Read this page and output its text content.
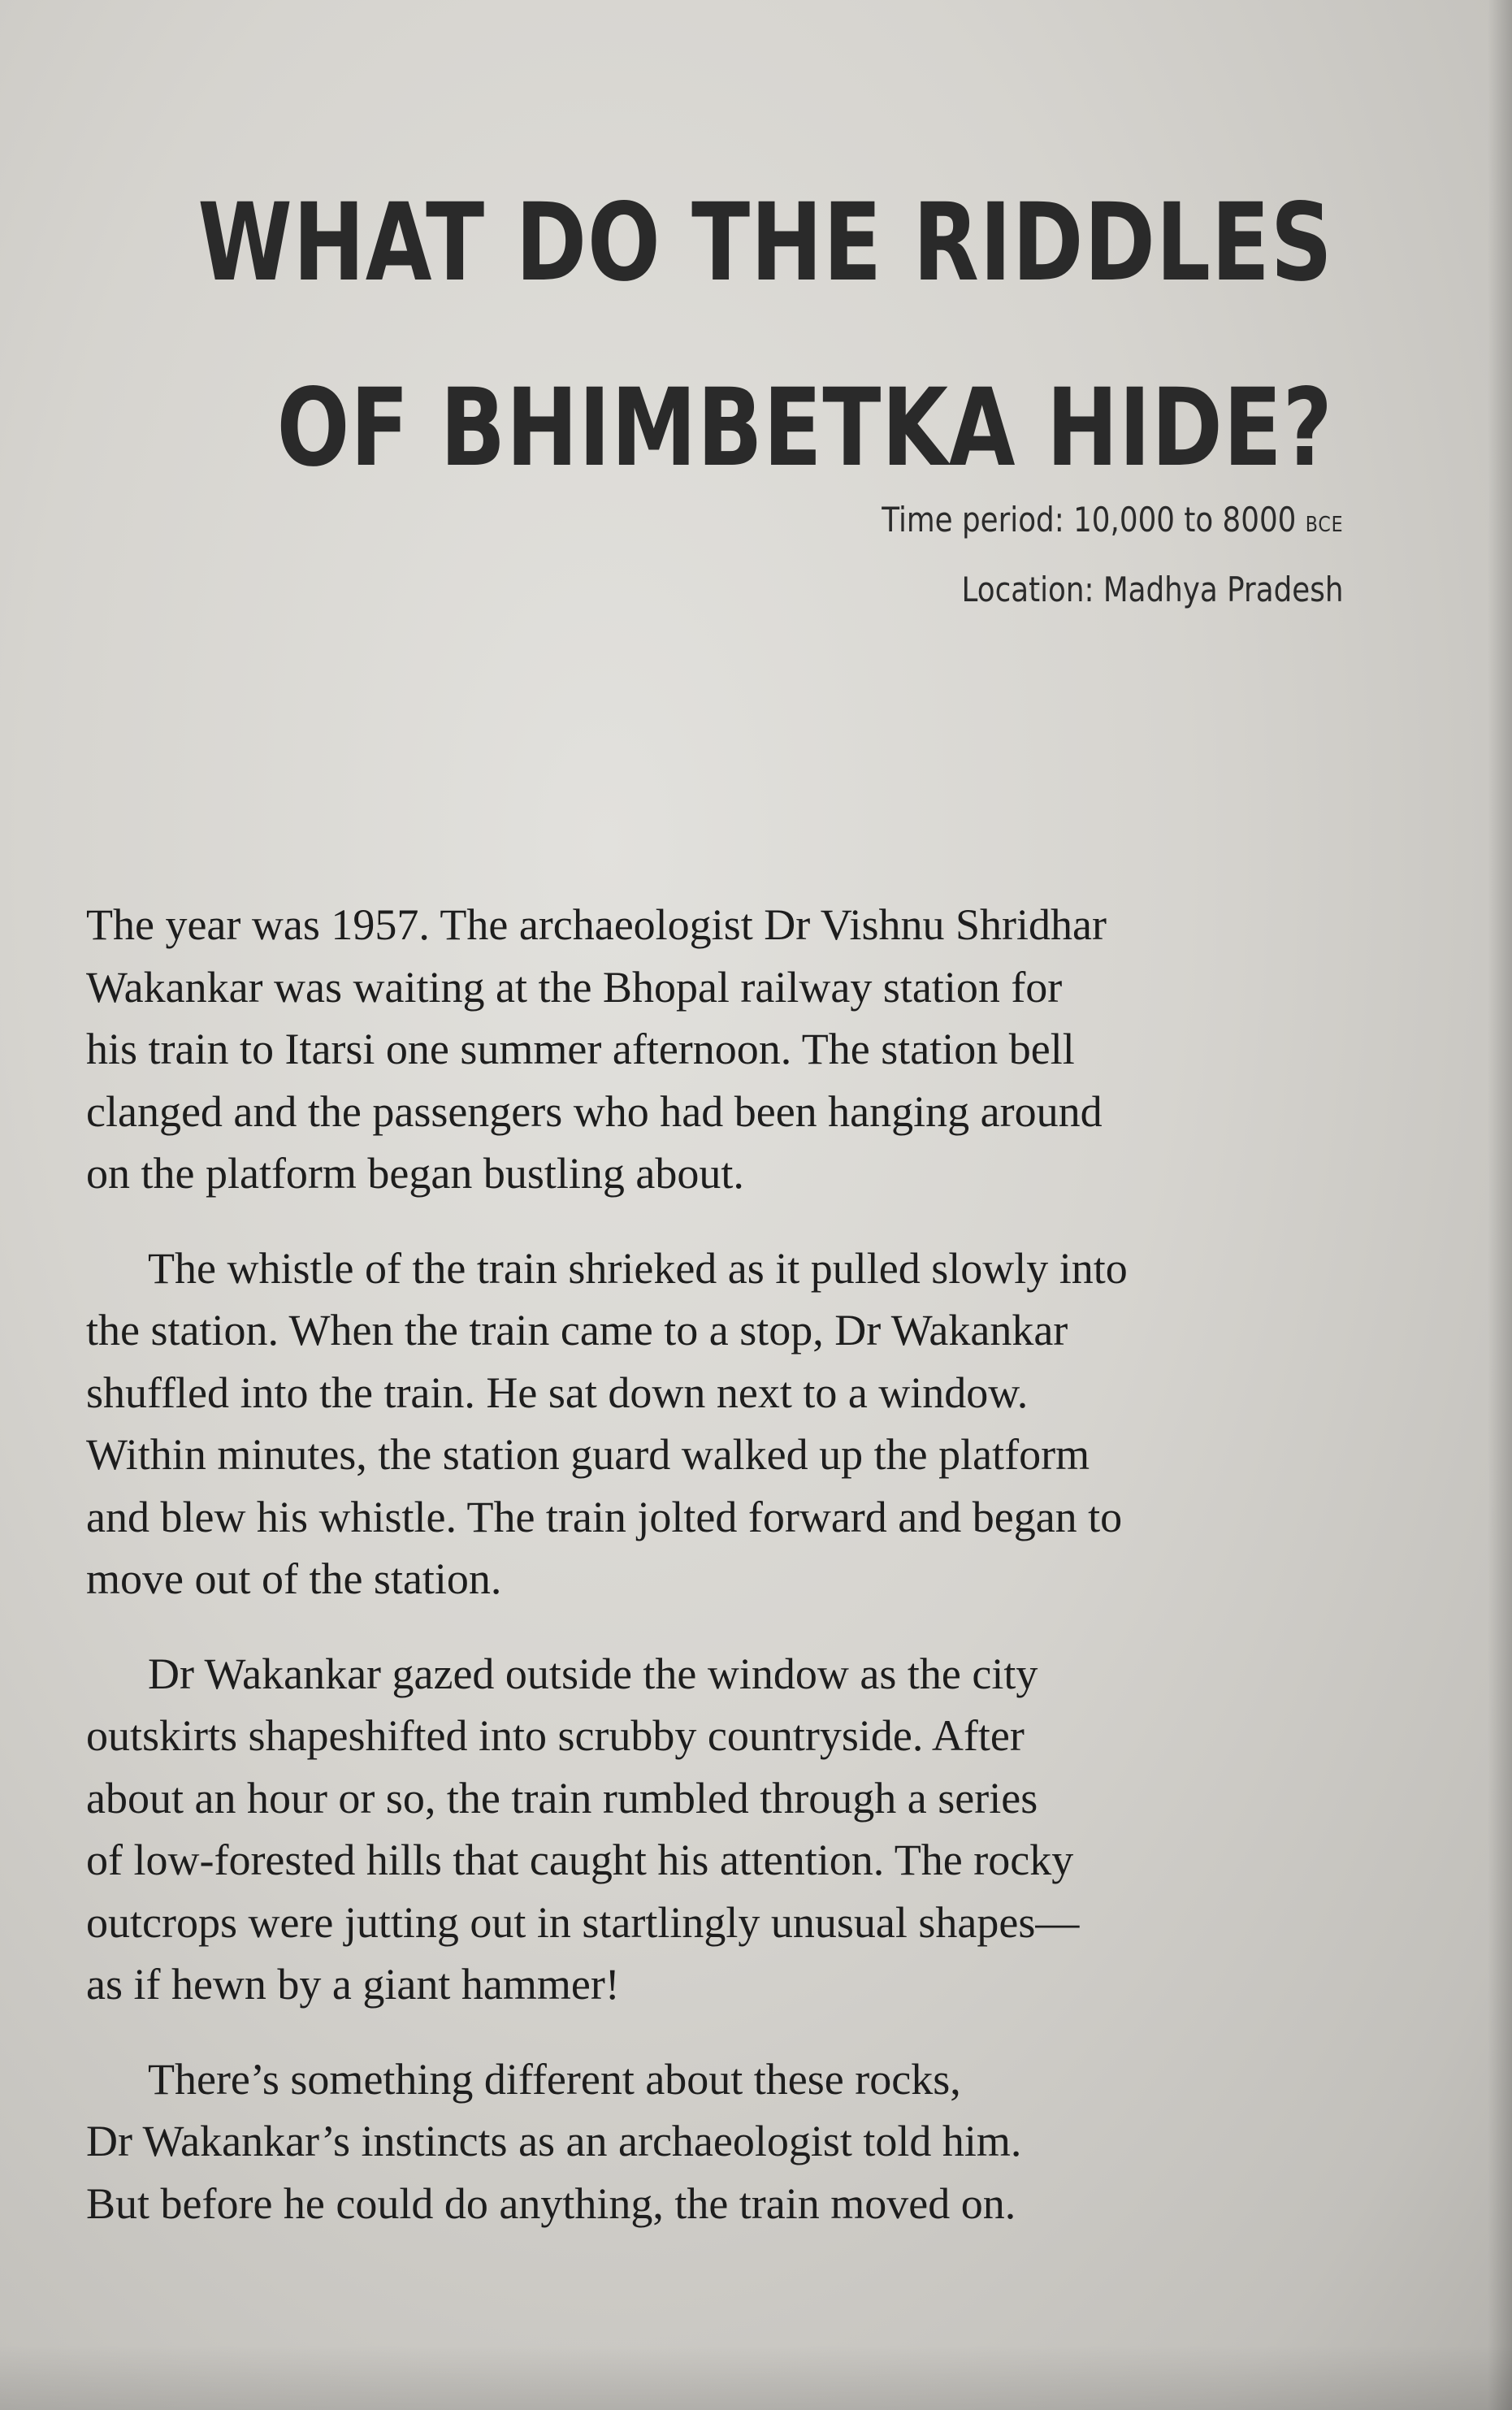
WHAT DO THE RIDDLES
OF BHIMBETKA HIDE?
Time period: 10,000 to 8000 BCE
Location: Madhya Pradesh

The year was 1957. The archaeologist Dr Vishnu Shridhar
Wakankar was waiting at the Bhopal railway station for
his train to Itarsi one summer afternoon. The station bell
clanged and the passengers who had been hanging around
on the platform began bustling about.

The whistle of the train shrieked as it pulled slowly into
the station. When the train came to a stop, Dr Wakankar
shuffled into the train. He sat down next to a window.
Within minutes, the station guard walked up the platform
and blew his whistle. The train jolted forward and began to
move out of the station.

Dr Wakankar gazed outside the window as the city
outskirts shapeshifted into scrubby countryside. After
about an hour or so, the train rumbled through a series
of low-forested hills that caught his attention. The rocky
outcrops were jutting out in startlingly unusual shapes—
as if hewn by a giant hammer!

There’s something different about these rocks,
Dr Wakankar’s instincts as an archaeologist told him.
But before he could do anything, the train moved on.
